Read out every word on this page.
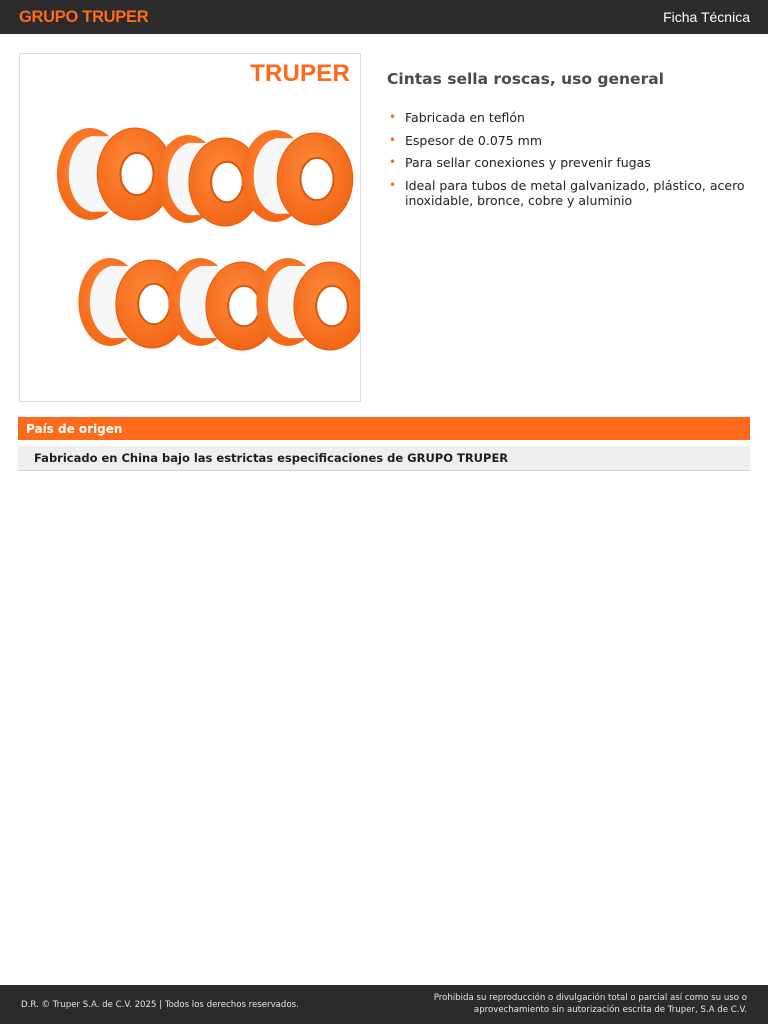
GRUPO TRUPER	Ficha Técnica
TRUPER Cintas sella roscas, uso general
• Fabricada en teflón
• Espesor de 0.075 mm
• Para sellar conexiones y prevenir fugas
• Ideal para tubos de metal galvanizado, plástico, acero inoxidable, bronce, cobre y aluminio
País de origen
Fabricado en China bajo las estrictas especificaciones de GRUPO TRUPER
D.R. © Truper S.A. de C.V. 2025 | Todos los derechos reservados.
Prohibida su reproducción o divulgación total o parcial así como su uso o aprovechamiento sin autorización escrita de Truper, S.A de C.V.
